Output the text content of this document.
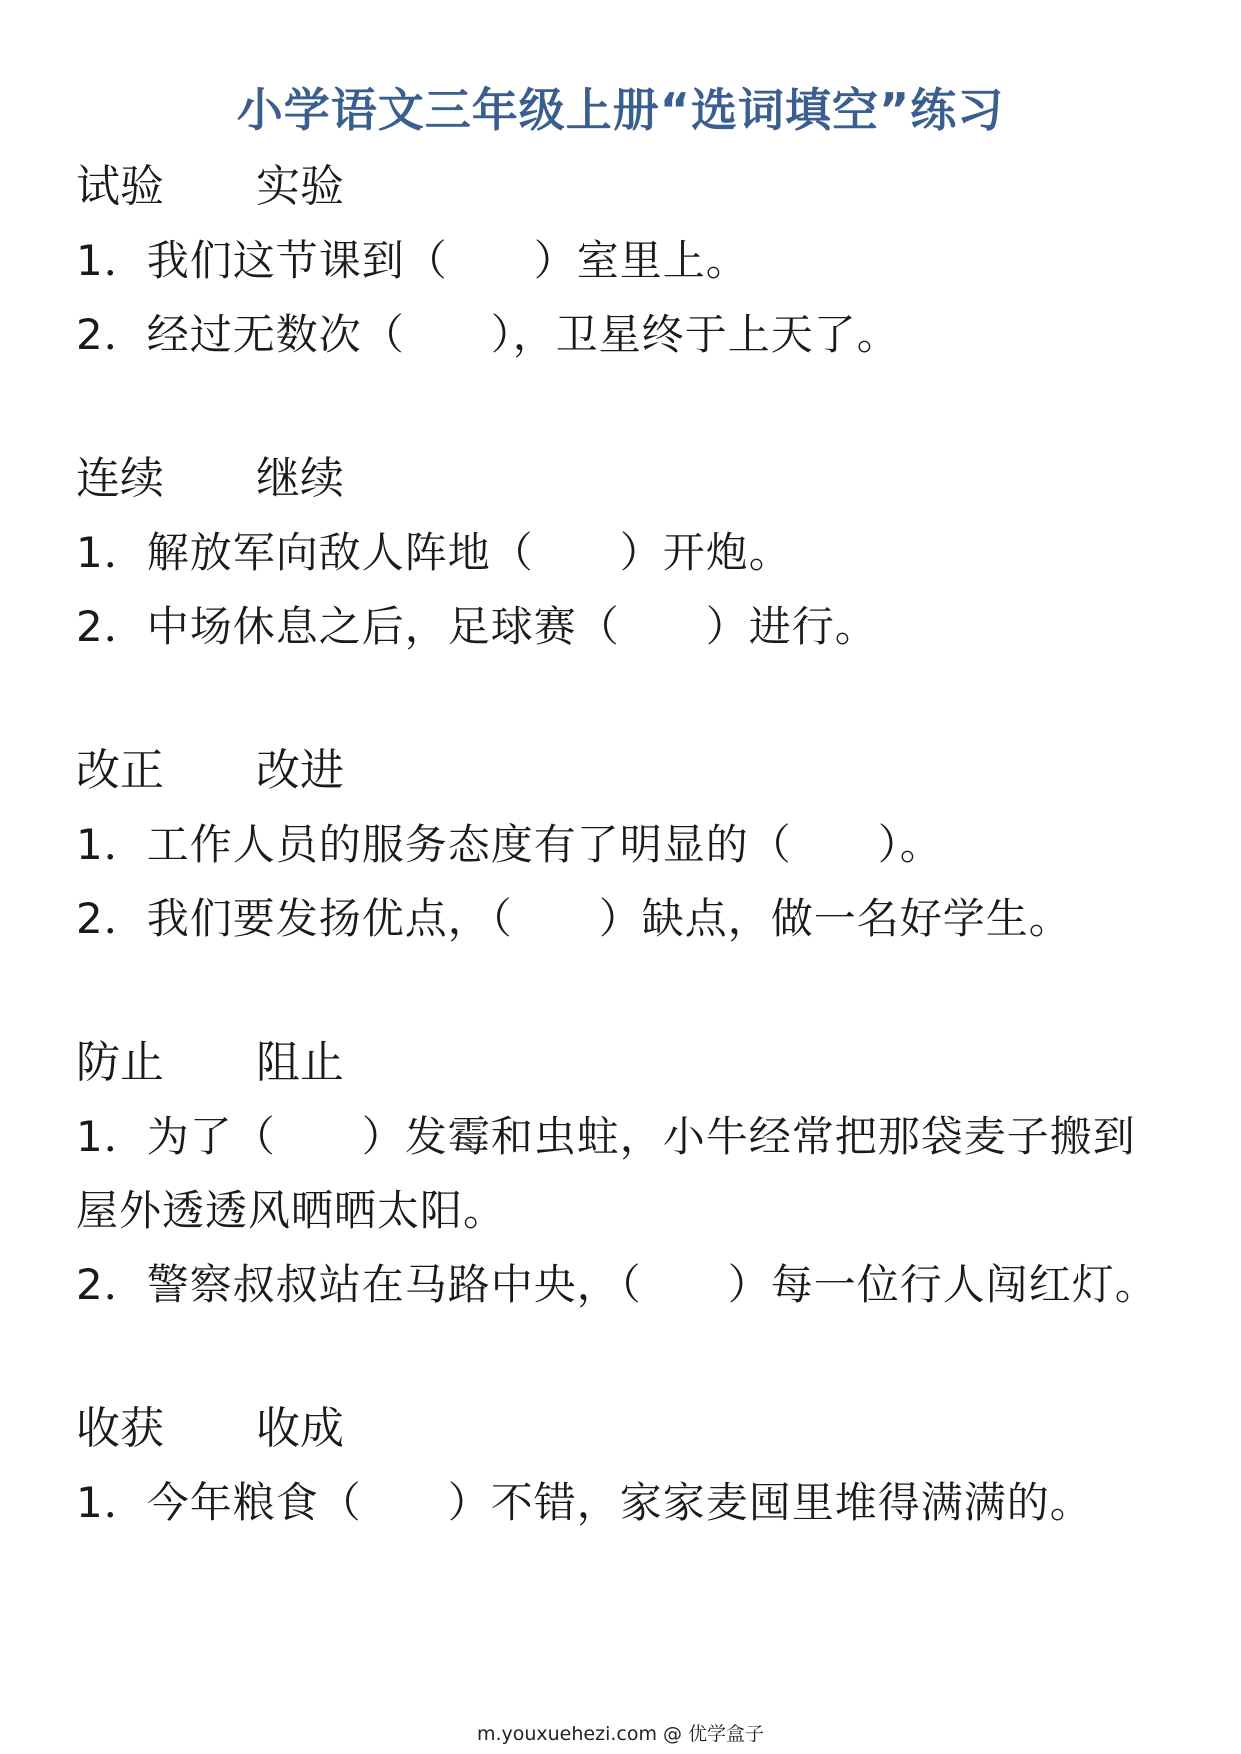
小学语文三年级上册“选词填空”练习
试验 实验
1．我们这节课到（　　）室里上。
2．经过无数次（　　），卫星终于上天了。
连续 继续
1．解放军向敌人阵地（　　）开炮。
2．中场休息之后，足球赛（　　）进行。
改正 改进
1．工作人员的服务态度有了明显的（　　）。
2．我们要发扬优点，（　　）缺点，做一名好学生。
防止 阻止
1．为了（　　）发霉和虫蛀，小牛经常把那袋麦子搬到屋外透透风晒晒太阳。
2．警察叔叔站在马路中央，（　　）每一位行人闯红灯。
收获 收成
1．今年粮食（　　）不错，家家麦囤里堆得满满的。
m.youxuehezi.com @ 优学盒子
